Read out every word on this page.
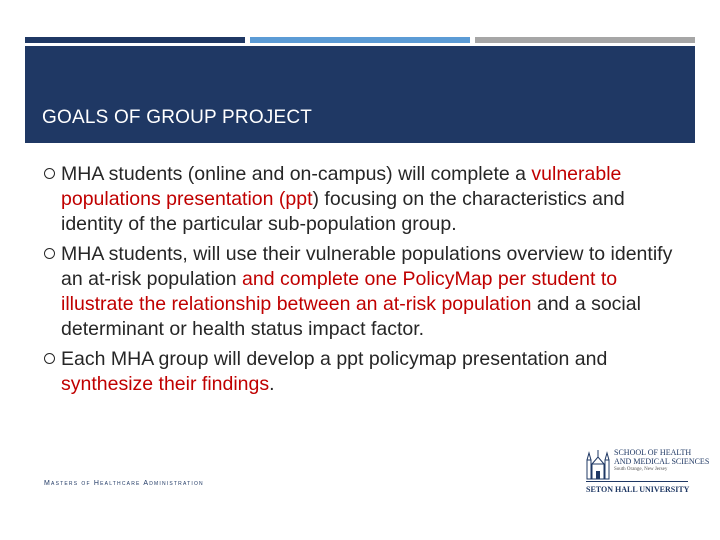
GOALS OF GROUP PROJECT
MHA students (online and on-campus) will complete a vulnerable populations presentation (ppt) focusing on the characteristics and identity of the particular sub-population group.
MHA students, will use their vulnerable populations overview to identify an at-risk population and complete one PolicyMap per student to illustrate the relationship between an at-risk population and a social determinant or health status impact factor.
Each MHA group will develop a ppt policymap presentation and synthesize their findings.
Masters of Healthcare Administration
SCHOOL OF HEALTH
AND MEDICAL SCIENCES
South Orange, New Jersey
SETON HALL UNIVERSITY
